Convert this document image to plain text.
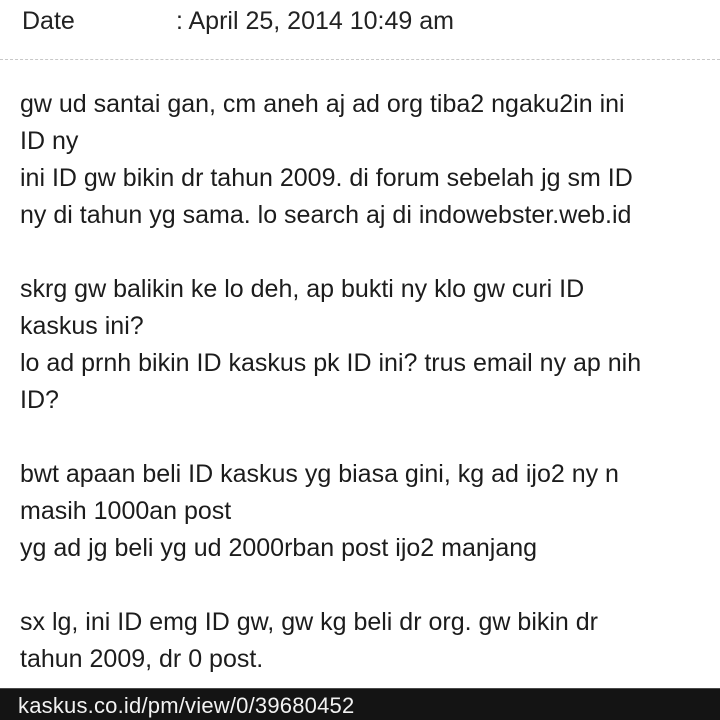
Date	: April 25, 2014 10:49 am

gw ud santai gan, cm aneh aj ad org tiba2 ngaku2in ini
ID ny
ini ID gw bikin dr tahun 2009. di forum sebelah jg sm ID
ny di tahun yg sama. lo search aj di indowebster.web.id

skrg gw balikin ke lo deh, ap bukti ny klo gw curi ID
kaskus ini?
lo ad prnh bikin ID kaskus pk ID ini? trus email ny ap nih
ID?

bwt apaan beli ID kaskus yg biasa gini, kg ad ijo2 ny n
masih 1000an post
yg ad jg beli yg ud 2000rban post ijo2 manjang

sx lg, ini ID emg ID gw, gw kg beli dr org. gw bikin dr
tahun 2009, dr 0 post.

kaskus.co.id/pm/view/0/39680452
